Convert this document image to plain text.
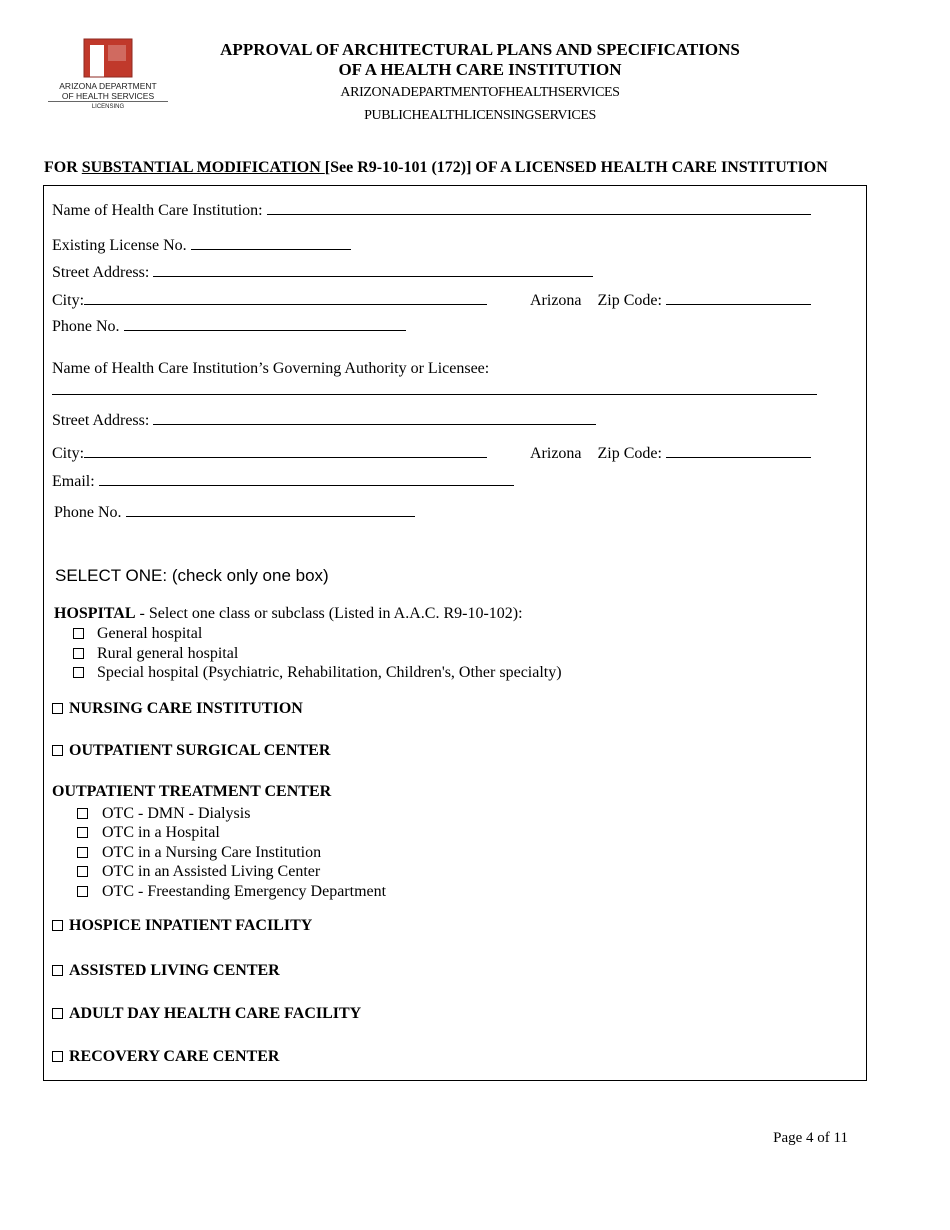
ARIZONA DEPARTMENT
OF HEALTH SERVICES
LICENSING
APPROVAL OF ARCHITECTURAL PLANS AND SPECIFICATIONS
OF A HEALTH CARE INSTITUTION
ARIZONADEPARTMENTOFHEALTHSERVICES
PUBLICHEALTHLICENSINGSERVICES
FOR SUBSTANTIAL MODIFICATION [See R9-10-101 (172)] OF A LICENSED HEALTH CARE INSTITUTION
Name of Health Care Institution:
Existing License No.
Street Address:
City:	Arizona Zip Code:
Phone No.
Name of Health Care Institution’s Governing Authority or Licensee:
Street Address:
City:	Arizona Zip Code:
Email:
Phone No.
SELECT ONE: (check only one box)
HOSPITAL - Select one class or subclass (Listed in A.A.C. R9-10-102):
General hospital
Rural general hospital
Special hospital (Psychiatric, Rehabilitation, Children's, Other specialty)
NURSING CARE INSTITUTION
OUTPATIENT SURGICAL CENTER
OUTPATIENT TREATMENT CENTER
OTC - DMN - Dialysis
OTC in a Hospital
OTC in a Nursing Care Institution
OTC in an Assisted Living Center
OTC - Freestanding Emergency Department
HOSPICE INPATIENT FACILITY
ASSISTED LIVING CENTER
ADULT DAY HEALTH CARE FACILITY
RECOVERY CARE CENTER
Page 4 of 11
